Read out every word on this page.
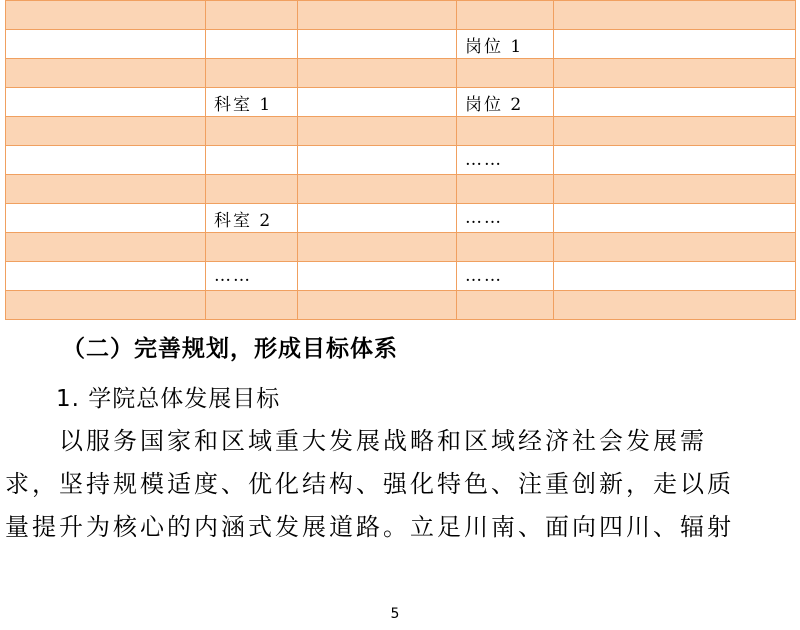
			岗位 1	

	科室 1		岗位 2	

			……	

	科室 2		……	

	……		……	

（二）完善规划，形成目标体系
1. 学院总体发展目标

以服务国家和区域重大发展战略和区域经济社会发展需

求，坚持规模适度、优化结构、强化特色、注重创新，走以质

量提升为核心的内涵式发展道路。立足川南、面向四川、辐射

5
